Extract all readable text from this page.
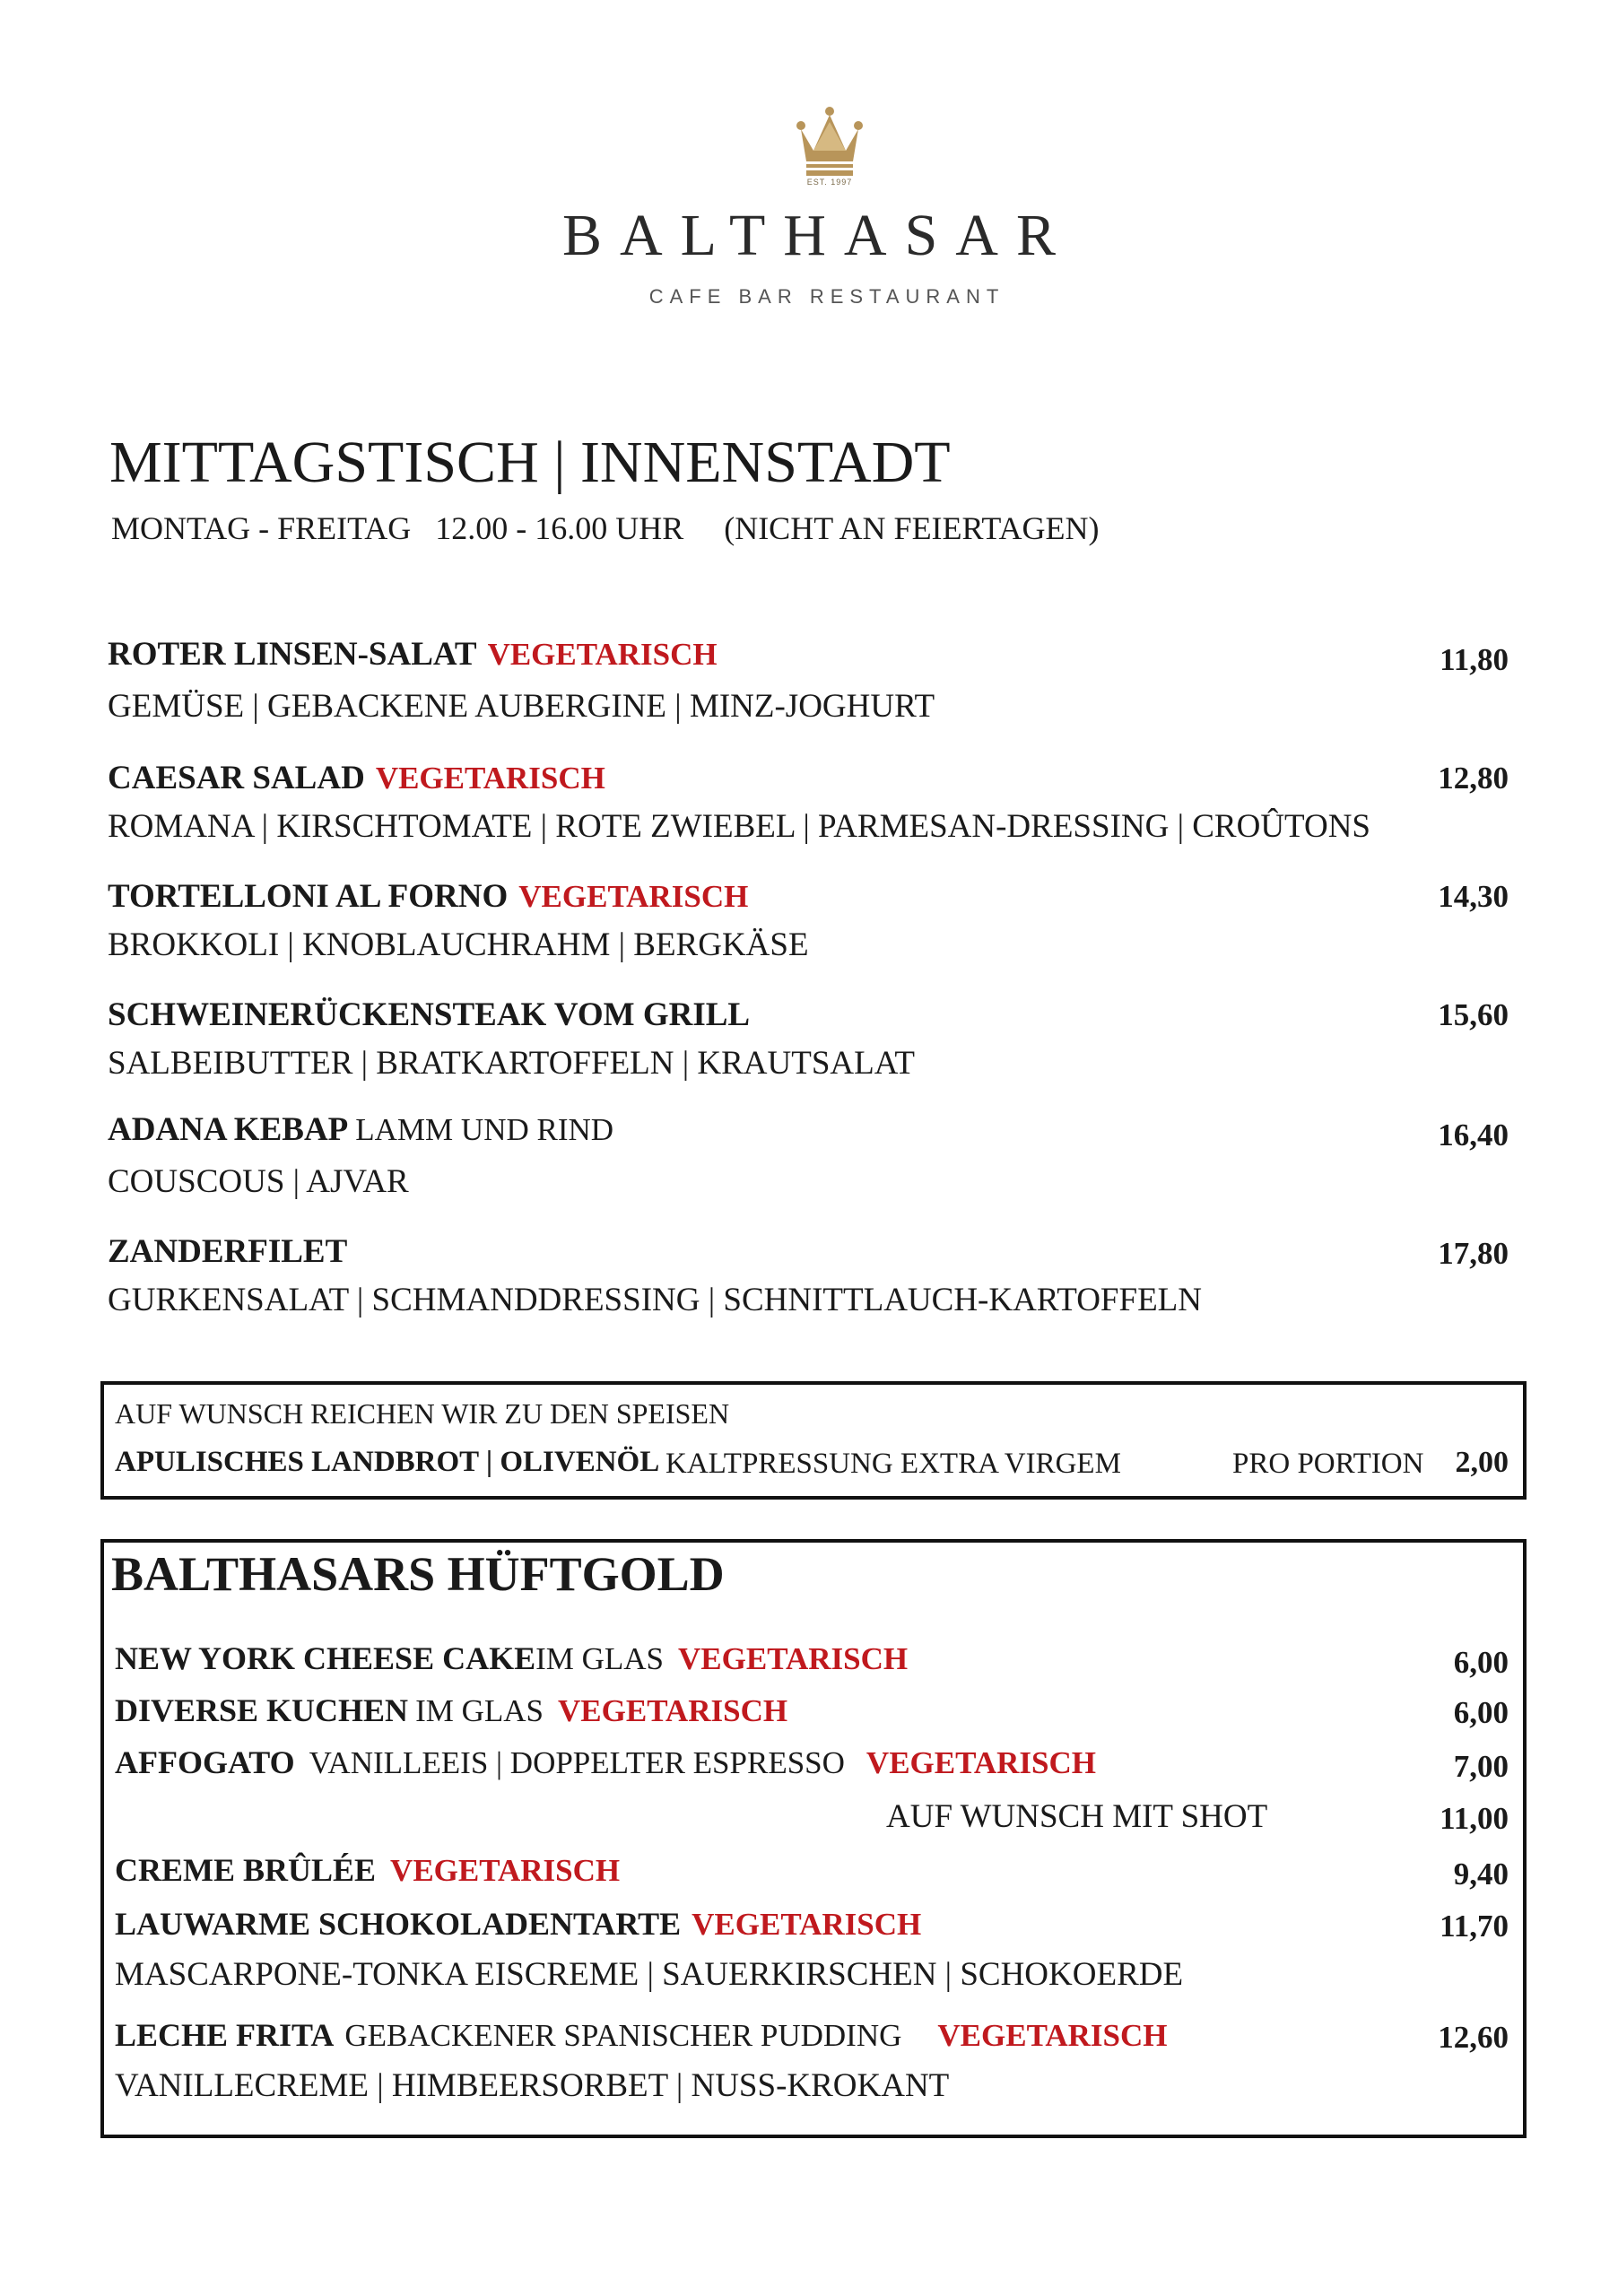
EST. 1997
BALTHASAR
CAFE BAR RESTAURANT
MITTAGSTISCH | INNENSTADT
MONTAG - FREITAG   12.00 - 16.00 UHR     (NICHT AN FEIERTAGEN)
ROTER LINSEN-SALAT VEGETARISCH	11,80
GEMÜSE | GEBACKENE AUBERGINE | MINZ-JOGHURT
CAESAR SALAD VEGETARISCH	12,80
ROMANA | KIRSCHTOMATE | ROTE ZWIEBEL | PARMESAN-DRESSING | CROÛTONS
TORTELLONI AL FORNO VEGETARISCH	14,30
BROKKOLI | KNOBLAUCHRAHM | BERGKÄSE
SCHWEINERÜCKENSTEAK VOM GRILL	15,60
SALBEIBUTTER | BRATKARTOFFELN | KRAUTSALAT
ADANA KEBAP LAMM UND RIND	16,40
COUSCOUS | AJVAR
ZANDERFILET	17,80
GURKENSALAT | SCHMANDDRESSING | SCHNITTLAUCH-KARTOFFELN
AUF WUNSCH REICHEN WIR ZU DEN SPEISEN
APULISCHES LANDBROT | OLIVENÖL KALTPRESSUNG EXTRA VIRGEM	PRO PORTION 2,00
BALTHASARS HÜFTGOLD
NEW YORK CHEESE CAKEIM GLAS VEGETARISCH	6,00
DIVERSE KUCHEN IM GLAS VEGETARISCH	6,00
AFFOGATO VANILLEEIS | DOPPELTER ESPRESSO VEGETARISCH	7,00
AUF WUNSCH MIT SHOT	11,00
CREME BRÛLÉE VEGETARISCH	9,40
LAUWARME SCHOKOLADENTARTE VEGETARISCH	11,70
MASCARPONE-TONKA EISCREME | SAUERKIRSCHEN | SCHOKOERDE
LECHE FRITA GEBACKENER SPANISCHER PUDDING VEGETARISCH	12,60
VANILLECREME | HIMBEERSORBET | NUSS-KROKANT
